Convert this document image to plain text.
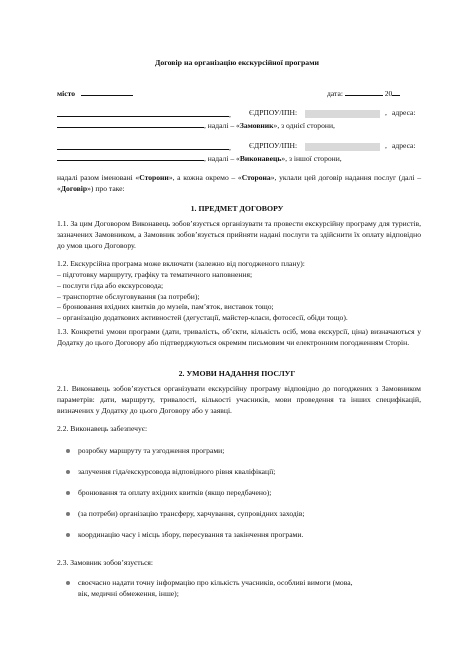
Договір на організацію екскурсійної програми
місто	дата:	20
, ЄДРПОУ/ІПН:	, адреса:
, надалі – «Замовник», з однієї сторони,
, ЄДРПОУ/ІПН:	, адреса:
, надалі – «Виконавець», з іншої сторони,
надалі разом іменовані «Сторони», а кожна окремо – «Сторона», уклали цей договір надання послуг (далі – «Договір») про таке:
1. ПРЕДМЕТ ДОГОВОРУ
1.1. За цим Договором Виконавець зобов’язується організувати та провести екскурсійну програму для туристів, зазначених Замовником, а Замовник зобов’язується прийняти надані послуги та здійснити їх оплату відповідно до умов цього Договору.
1.2. Екскурсійна програма може включати (залежно від погодженого плану):
– підготовку маршруту, графіку та тематичного наповнення;
– послуги гіда або екскурсовода;
– транспортне обслуговування (за потреби);
– бронювання вхідних квитків до музеїв, пам’яток, виставок тощо;
– організацію додаткових активностей (дегустації, майстер-класи, фотосесії, обіди тощо).
1.3. Конкретні умови програми (дати, тривалість, об’єкти, кількість осіб, мова екскурсії, ціна) визначаються у Додатку до цього Договору або підтверджуються окремим письмовим чи електронним погодженням Сторін.
2. УМОВИ НАДАННЯ ПОСЛУГ
2.1. Виконавець зобов’язується організувати екскурсійну програму відповідно до погоджених з Замовником параметрів: дати, маршруту, тривалості, кількості учасників, мови проведення та інших специфікацій, визначених у Додатку до цього Договору або у заявці.
2.2. Виконавець забезпечує:
розробку маршруту та узгодження програми;
залучення гіда/екскурсовода відповідного рівня кваліфікації;
бронювання та оплату вхідних квитків (якщо передбачено);
(за потреби) організацію трансферу, харчування, супровідних заходів;
координацію часу і місць збору, пересування та закінчення програми.
2.3. Замовник зобов’язується:
своєчасно надати точну інформацію про кількість учасників, особливі вимоги (мова,
вік, медичні обмеження, інше);
